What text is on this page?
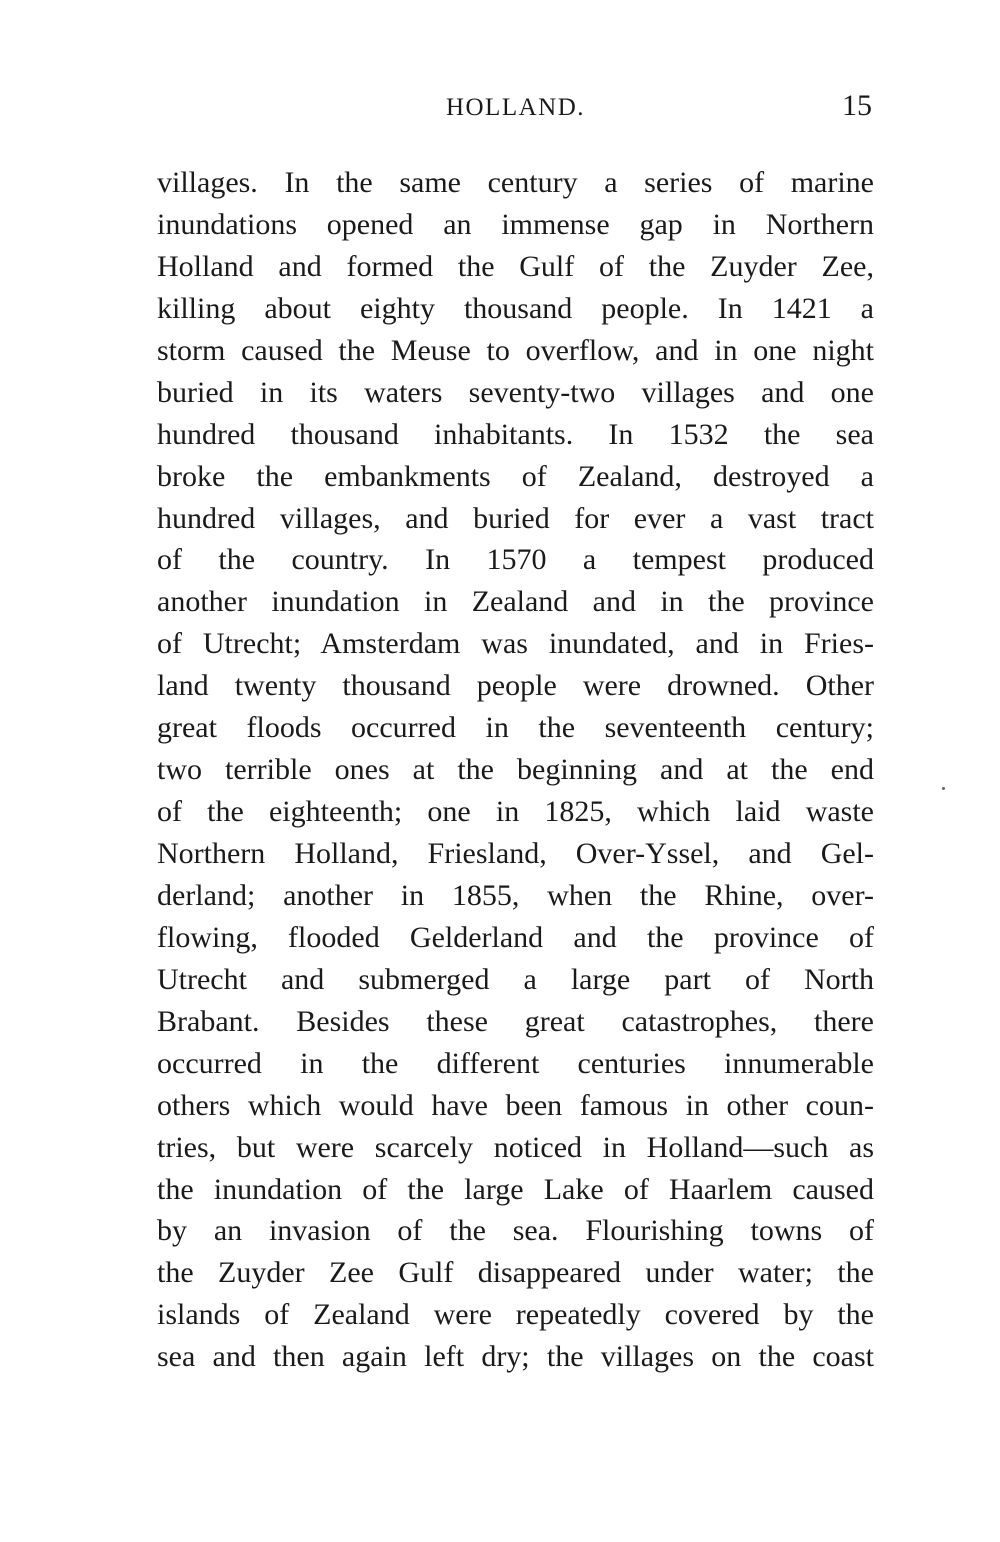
HOLLAND.	15
villages. In the same century a series of marine
inundations opened an immense gap in Northern
Holland and formed the Gulf of the Zuyder Zee,
killing about eighty thousand people. In 1421 a
storm caused the Meuse to overflow, and in one night
buried in its waters seventy-two villages and one
hundred thousand inhabitants. In 1532 the sea
broke the embankments of Zealand, destroyed a
hundred villages, and buried for ever a vast tract
of the country. In 1570 a tempest produced
another inundation in Zealand and in the province
of Utrecht; Amsterdam was inundated, and in Fries-
land twenty thousand people were drowned. Other
great floods occurred in the seventeenth century;
two terrible ones at the beginning and at the end
of the eighteenth; one in 1825, which laid waste
Northern Holland, Friesland, Over-Yssel, and Gel-
derland; another in 1855, when the Rhine, over-
flowing, flooded Gelderland and the province of
Utrecht and submerged a large part of North
Brabant. Besides these great catastrophes, there
occurred in the different centuries innumerable
others which would have been famous in other coun-
tries, but were scarcely noticed in Holland—such as
the inundation of the large Lake of Haarlem caused
by an invasion of the sea. Flourishing towns of
the Zuyder Zee Gulf disappeared under water; the
islands of Zealand were repeatedly covered by the
sea and then again left dry; the villages on the coast
